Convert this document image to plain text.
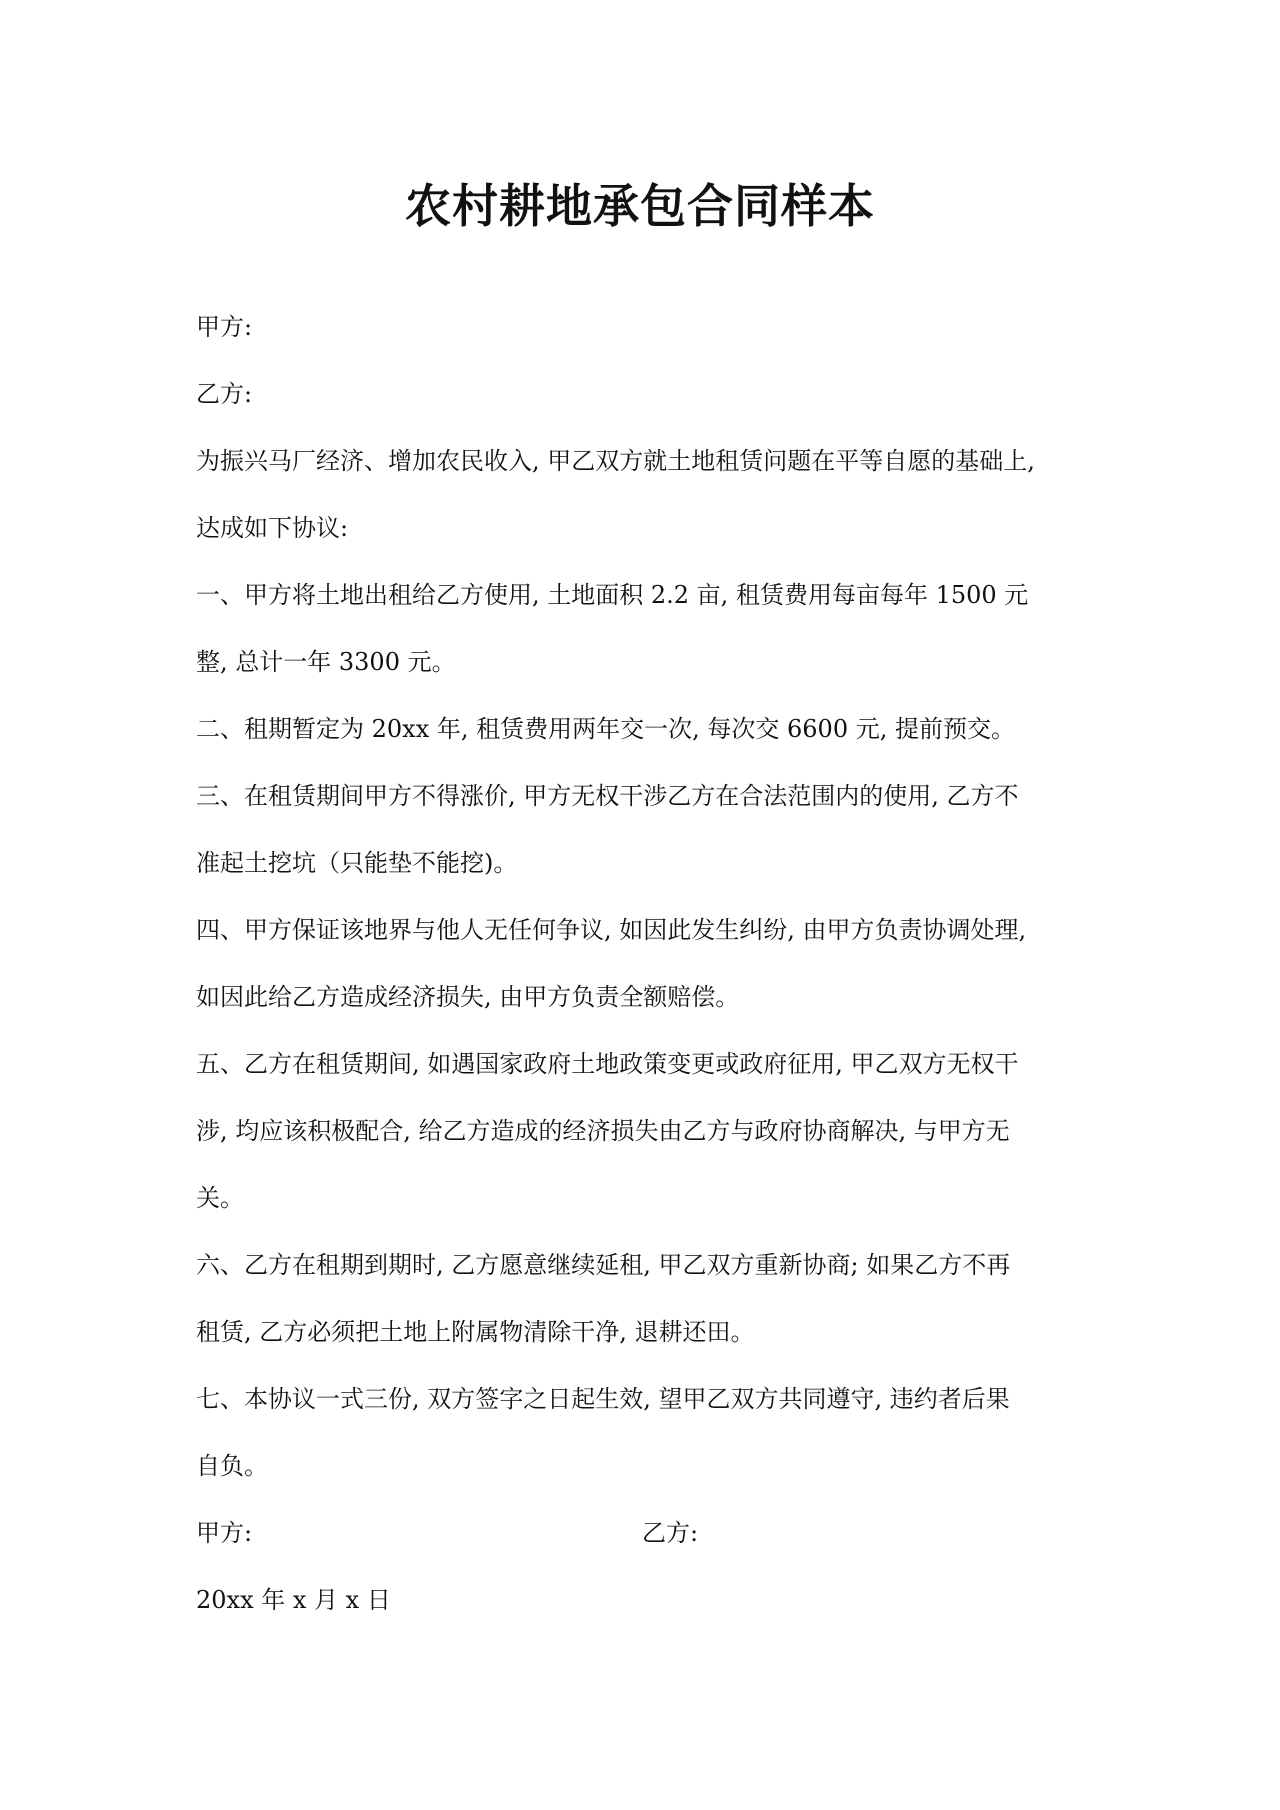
农村耕地承包合同样本

甲方:

乙方:

为振兴马厂经济、增加农民收入, 甲乙双方就土地租赁问题在平等自愿的基础上,

达成如下协议:

一、甲方将土地出租给乙方使用, 土地面积 2.2 亩, 租赁费用每亩每年 1500 元

整, 总计一年 3300 元。

二、租期暂定为 20xx 年, 租赁费用两年交一次, 每次交 6600 元, 提前预交。

三、在租赁期间甲方不得涨价, 甲方无权干涉乙方在合法范围内的使用, 乙方不

准起土挖坑（只能垫不能挖)。

四、甲方保证该地界与他人无任何争议, 如因此发生纠纷, 由甲方负责协调处理,

如因此给乙方造成经济损失, 由甲方负责全额赔偿。

五、乙方在租赁期间, 如遇国家政府土地政策变更或政府征用, 甲乙双方无权干

涉, 均应该积极配合, 给乙方造成的经济损失由乙方与政府协商解决, 与甲方无

关。

六、乙方在租期到期时, 乙方愿意继续延租, 甲乙双方重新协商; 如果乙方不再

租赁, 乙方必须把土地上附属物清除干净, 退耕还田。

七、本协议一式三份, 双方签字之日起生效, 望甲乙双方共同遵守, 违约者后果

自负。

甲方:	乙方:

20xx 年 x 月 x 日
